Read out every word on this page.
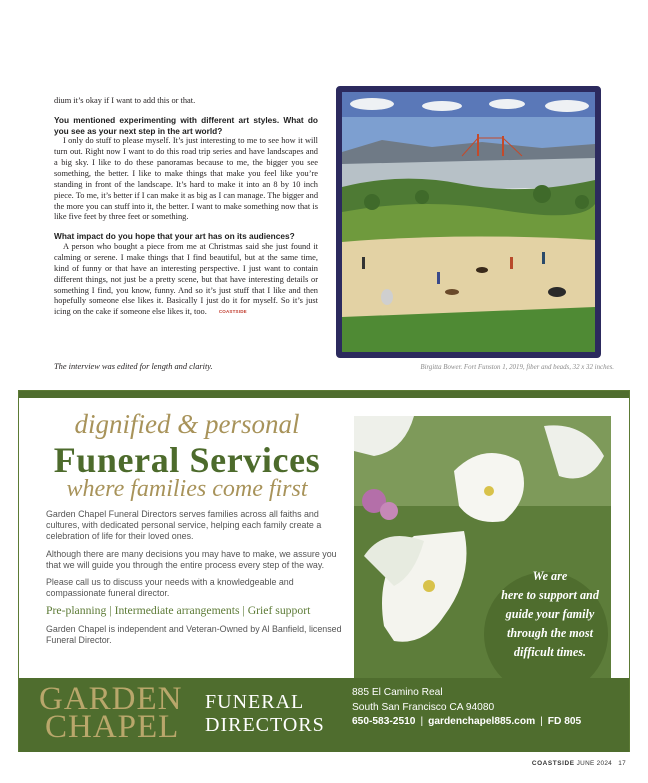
dium it’s okay if I want to add this or that.

You mentioned experimenting with different art styles. What do you see as your next step in the art world?

I only do stuff to please myself. It’s just interesting to me to see how it will turn out. Right now I want to do this road trip series and have landscapes and a big sky. I like to do these panoramas because to me, the bigger you see something, the better. I like to make things that make you feel like you’re standing in front of the landscape. It’s hard to make it into an 8 by 10 inch piece. To me, it’s better if I can make it as big as I can manage. The bigger and the more you can stuff into it, the better. I want to make something now that is like five feet by three feet or something.

What impact do you hope that your art has on its audiences?

A person who bought a piece from me at Christmas said she just found it calming or serene. I make things that I find beautiful, but at the same time, kind of funny or that have an interesting perspective. I just want to contain different things, not just be a pretty scene, but that have interesting details or something I find, you know, funny. And so it’s just stuff that I like and then hopefully someone else likes it. Basically I just do it for myself. So it’s just icing on the cake if someone else likes it, too.	COASTSIDE

The interview was edited for length and clarity.	Birgitta Bower. Fort Funston 1, 2019, fiber and beads, 32 x 32 inches.
dignified & personal
Funeral Services
where families come first

Garden Chapel Funeral Directors serves families across all faiths and cultures, with dedicated personal service, helping each family create a celebration of life for their loved ones.

Although there are many decisions you may have to make, we assure you that we will guide you through the entire process every step of the way.

Please call us to discuss your needs with a knowledgeable and compassionate funeral director.

Pre-planning | Intermediate arrangements | Grief support

Garden Chapel is independent and Veteran-Owned by Al Banfield, licensed Funeral Director.

GARDEN
CHAPEL
FUNERAL
DIRECTORS
885 El Camino Real
South San Francisco CA 94080
650-583-2510 | gardenchapel885.com | FD 805
We are
here to support and
guide your family
through the most
difficult times.
COASTSIDE JUNE 2024 17
